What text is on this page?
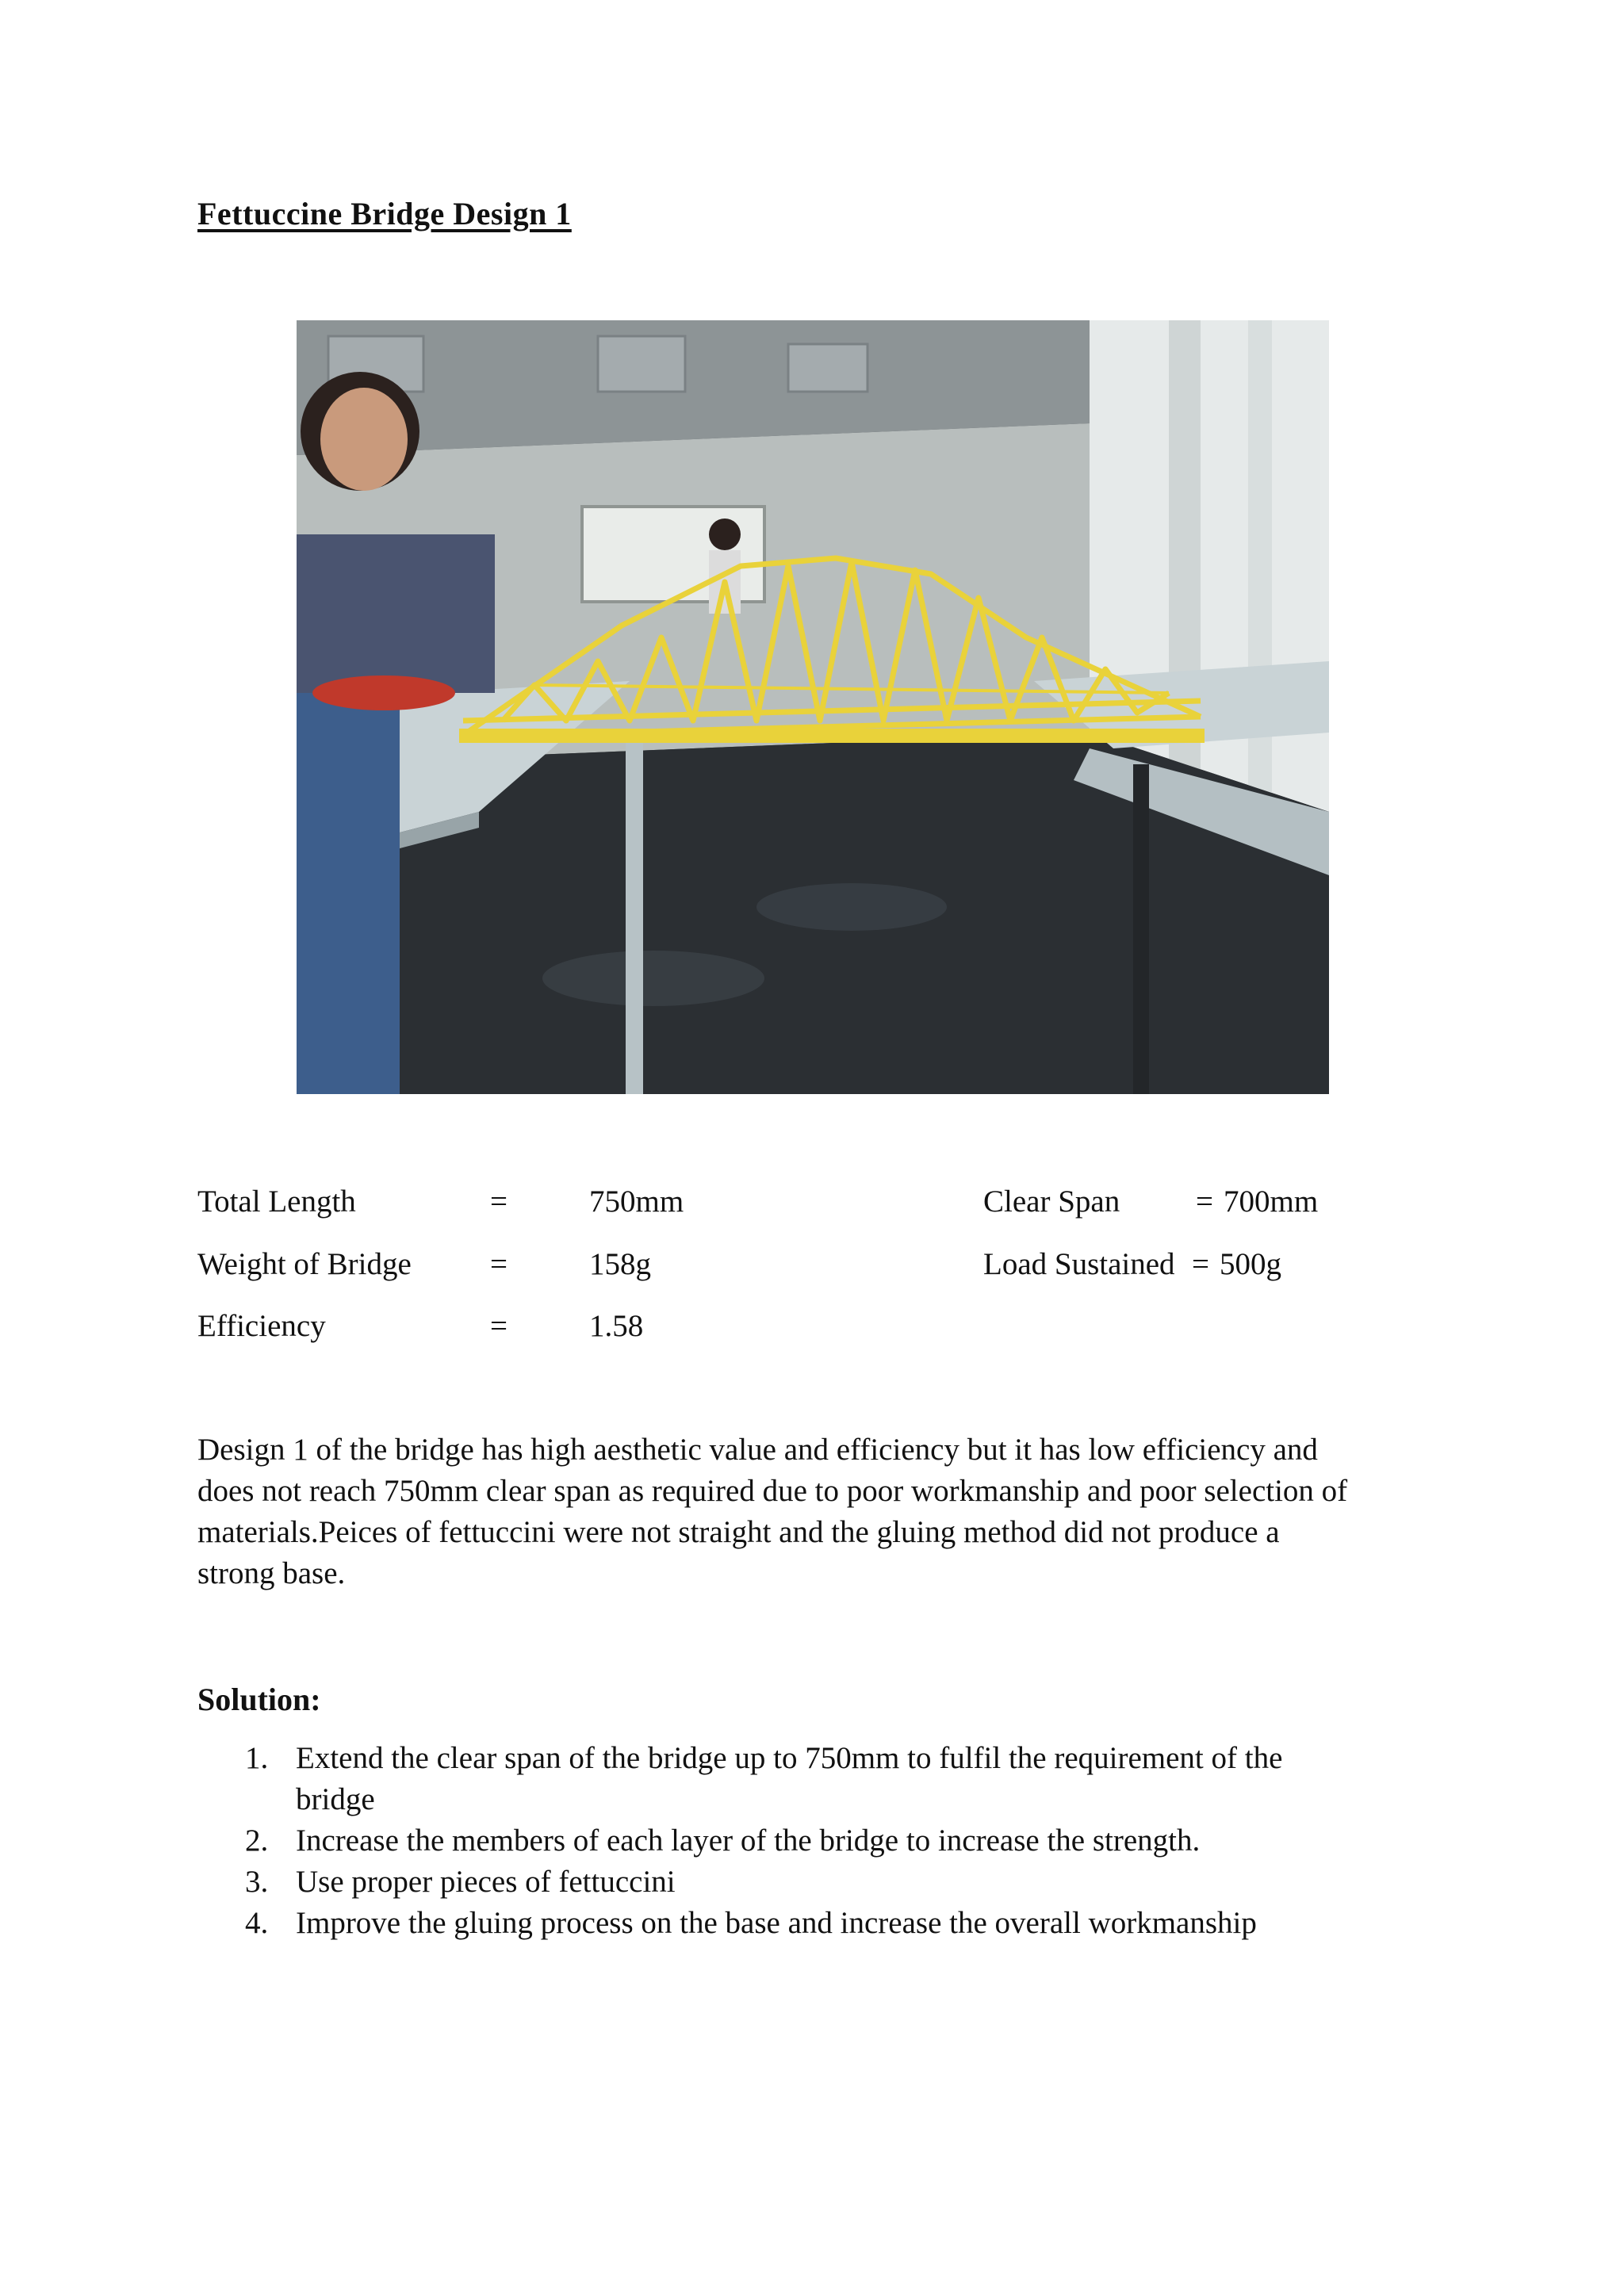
Fettuccine Bridge Design 1
Total Length	=	750mm
Weight of Bridge	=	158g
Efficiency	=	1.58
Clear Span = 700mm
Load Sustained = 500g

Design 1 of the bridge has high aesthetic value and efficiency but it has low efficiency and
does not reach 750mm clear span as required due to poor workmanship and poor selection of
materials.Peices of fettuccini were not straight and the gluing method did not produce a
strong base.

Solution:
1. Extend the clear span of the bridge up to 750mm to fulfil the requirement of the
bridge
2. Increase the members of each layer of the bridge to increase the strength.
3. Use proper pieces of fettuccini
4. Improve the gluing process on the base and increase the overall workmanship
